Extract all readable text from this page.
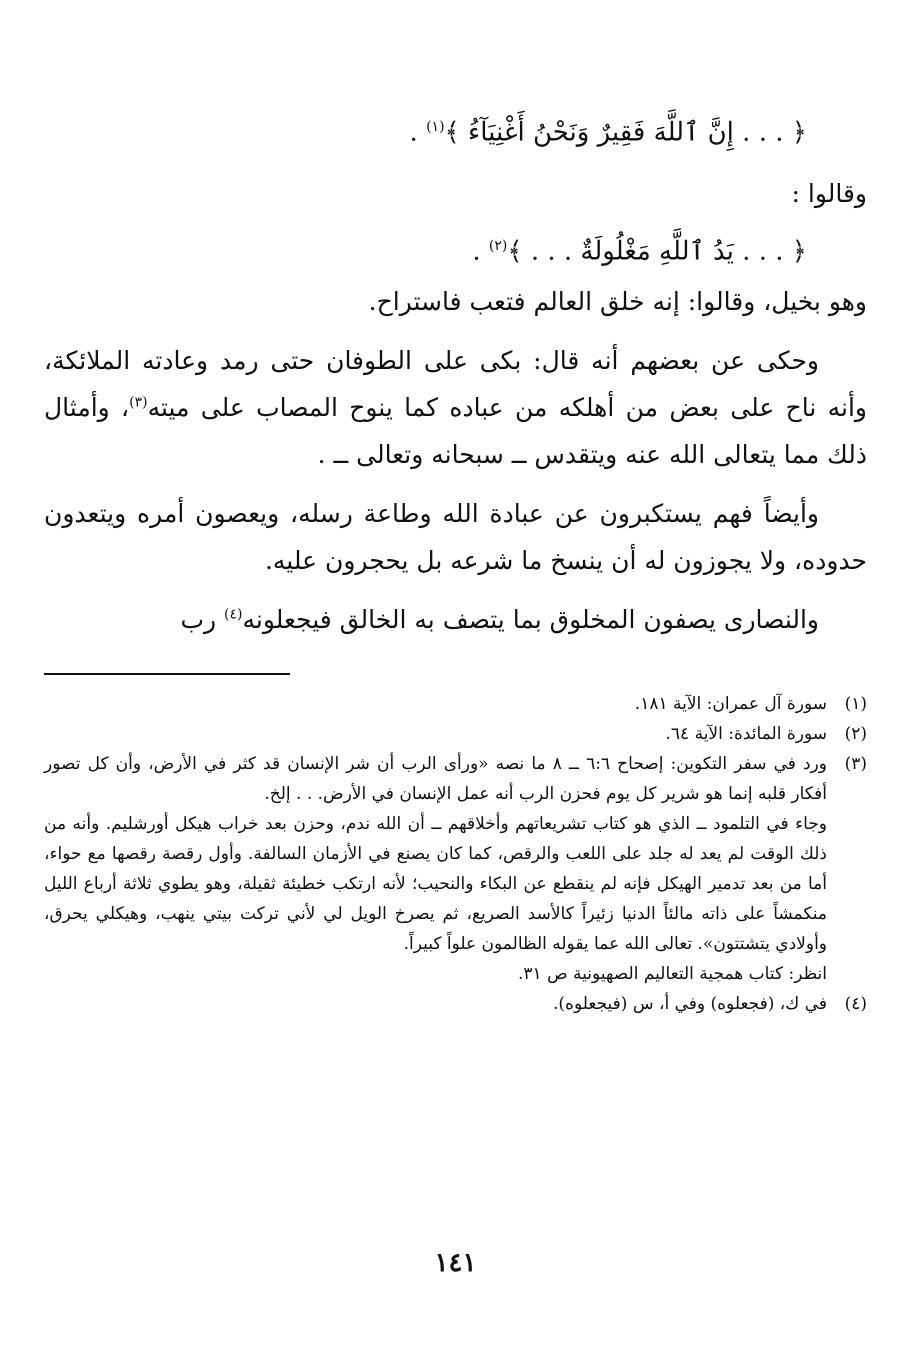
﴿ . . . إِنَّ ٱللَّهَ فَقِيرٌ وَنَحْنُ أَغْنِيَآءُ ﴾$^{(١)}$ .

وقالوا :

﴿ . . . يَدُ ٱللَّهِ مَغْلُولَةٌ . . . ﴾$^{(٢)}$ .

وهو بخيل، وقالوا: إنه خلق العالم فتعب فاستراح.

وحكى عن بعضهم أنه قال: بكى على الطوفان حتى رمد وعادته الملائكة، وأنه ناح على بعض من أهلكه من عباده كما ينوح المصاب على ميته$^{(٣)}$، وأمثال ذلك مما يتعالى الله عنه ويتقدس ــ سبحانه وتعالى ــ .

وأيضاً فهم يستكبرون عن عبادة الله وطاعة رسله، ويعصون أمره ويتعدون حدوده، ولا يجوزون له أن ينسخ ما شرعه بل يحجرون عليه.

والنصارى يصفون المخلوق بما يتصف به الخالق فيجعلونه$^{(٤)}$ رب

(١)

سورة آل عمران: الآية ١٨١.

(٢)

سورة المائدة: الآية ٦٤.

(٣)

ورد في سفر التكوين: إصحاح ٦:٦ ــ ٨ ما نصه «ورأى الرب أن شر الإنسان قد كثر في الأرض، وأن كل تصور أفكار قلبه إنما هو شرير كل يوم فحزن الرب أنه عمل الإنسان في الأرض. . . إلخ.

وجاء في التلمود ــ الذي هو كتاب تشريعاتهم وأخلاقهم ــ أن الله ندم، وحزن بعد خراب هيكل أورشليم. وأنه من ذلك الوقت لم يعد له جلد على اللعب والرقص، كما كان يصنع في الأزمان السالفة. وأول رقصة رقصها مع حواء، أما من بعد تدمير الهيكل فإنه لم ينقطع عن البكاء والنحيب؛ لأنه ارتكب خطيئة ثقيلة، وهو يطوي ثلاثة أرباع الليل منكمشاً على ذاته مالئاً الدنيا زئيراً كالأسد الصريع، ثم يصرخ الويل لي لأني تركت بيتي ينهب، وهيكلي يحرق، وأولادي يتشتتون». تعالى الله عما يقوله الظالمون علواً كبيراً.

انظر: كتاب همجية التعاليم الصهيونية ص ٣١.

(٤)

في ك، (فجعلوه) وفي أ، س (فيجعلوه).

١٤١
